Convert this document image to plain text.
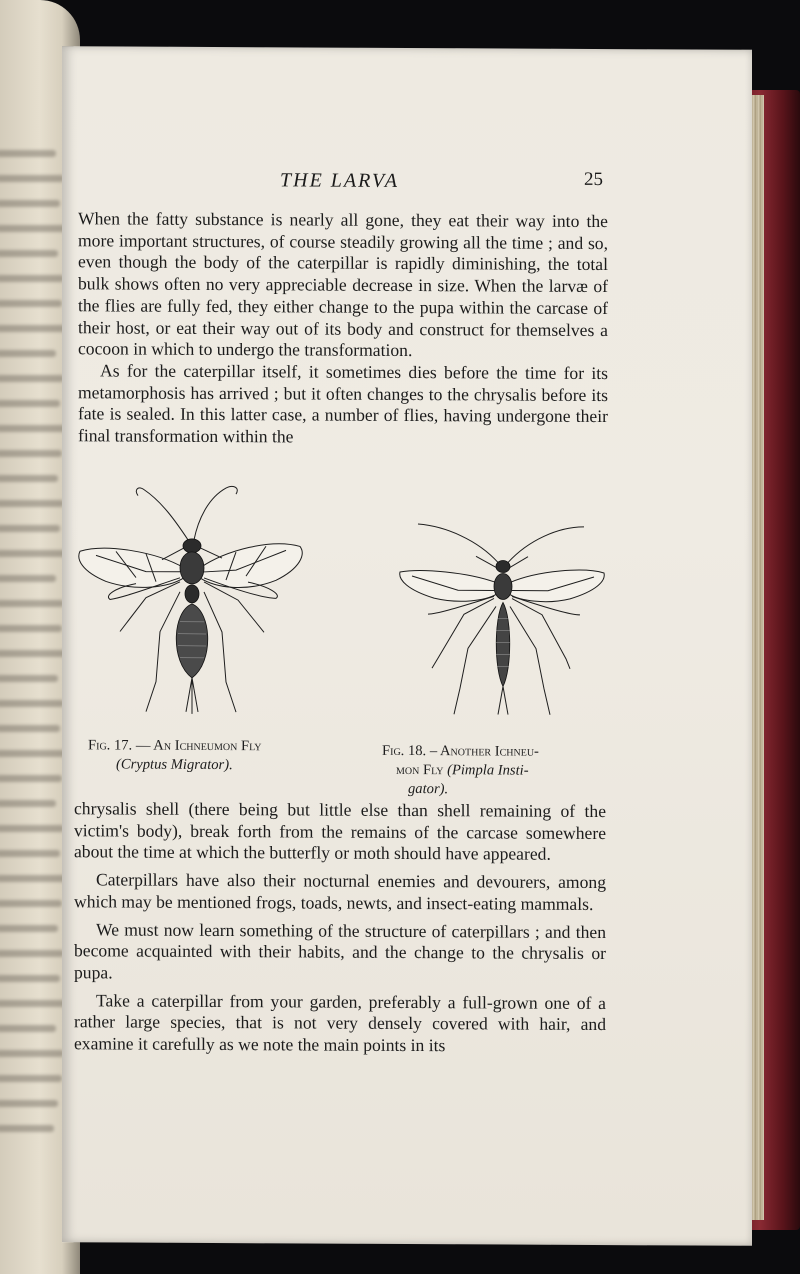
THE LARVA	25

When the fatty substance is nearly all gone, they eat their way into the more important structures, of course steadily growing all the time ; and so, even though the body of the caterpillar is rapidly diminishing, the total bulk shows often no very appreciable decrease in size. When the larvæ of the flies are fully fed, they either change to the pupa within the carcase of their host, or eat their way out of its body and construct for themselves a cocoon in which to undergo the transformation.

As for the caterpillar itself, it sometimes dies before the time for its metamorphosis has arrived ; but it often changes to the chrysalis before its fate is sealed. In this latter case, a number of flies, having undergone their final transformation within the

Fig. 17. — An Ichneumon Fly
(Cryptus Migrator).
Fig. 18. – Another Ichneu-
mon Fly (Pimpla Insti-
gator).

chrysalis shell (there being but little else than shell remaining of the victim's body), break forth from the remains of the carcase somewhere about the time at which the butterfly or moth should have appeared.

Caterpillars have also their nocturnal enemies and devourers, among which may be mentioned frogs, toads, newts, and insect-eating mammals.

We must now learn something of the structure of caterpillars ; and then become acquainted with their habits, and the change to the chrysalis or pupa.

Take a caterpillar from your garden, preferably a full-grown one of a rather large species, that is not very densely covered with hair, and examine it carefully as we note the main points in its
